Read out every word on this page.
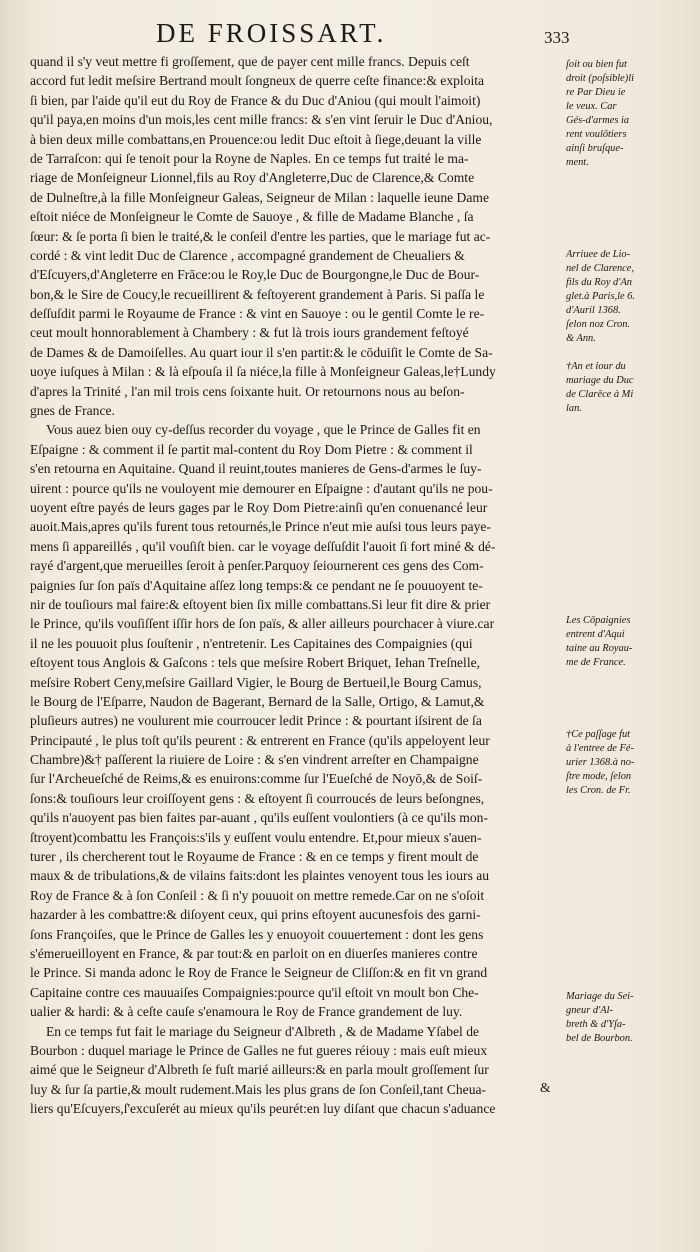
DE FROISSART.	333
quand il s'y veut mettre fi groſſement, que de payer cent mille francs. Depuis ceſt
accord fut ledit meſsire Bertrand moult ſongneux de querre ceſte finance:& exploita
ſi bien, par l'aide qu'il eut du Roy de France & du Duc d'Aniou (qui moult l'aimoit)
qu'il paya,en moins d'un mois,les cent mille francs: & s'en vint ſeruir le Duc d'Aniou,
à bien deux mille combattans,en Prouence:ou ledit Duc eſtoit à ſiege,deuant la ville
de Tarraſcon: qui ſe tenoit pour la Royne de Naples. En ce temps fut traité le ma-
riage de Monſeigneur Lionnel,fils au Roy d'Angleterre,Duc de Clarence,& Comte
de Dulneſtre,à la fille Monſeigneur Galeas, Seigneur de Milan : laquelle ieune Dame
eſtoit niéce de Monſeigneur le Comte de Sauoye , & fille de Madame Blanche , ſa
ſœur: & ſe porta ſi bien le traité,& le conſeil d'entre les parties, que le mariage fut ac-
cordé : & vint ledit Duc de Clarence , accompagné grandement de Cheualiers &
d'Eſcuyers,d'Angleterre en Frāce:ou le Roy,le Duc de Bourgongne,le Duc de Bour-
bon,& le Sire de Coucy,le recueillirent & feſtoyerent grandement à Paris. Si paſſa le
deſſuſdit parmi le Royaume de France : & vint en Sauoye : ou le gentil Comte le re-
ceut moult honnorablement à Chambery : & fut là trois iours grandement feſtoyé
de Dames & de Damoiſelles. Au quart iour il s'en partit:& le cōduiſit le Comte de Sa-
uoye iuſques à Milan : & là eſpouſa il ſa niéce,la fille à Monſeigneur Galeas,le†Lundy
d'apres la Trinité , l'an mil trois cens ſoixante huit. Or retournons nous au beſon-
gnes de France.
Vous auez bien ouy cy-deſſus recorder du voyage , que le Prince de Galles fit en
Eſpaigne : & comment il ſe partit mal-content du Roy Dom Pietre : & comment il
s'en retourna en Aquitaine. Quand il reuint,toutes manieres de Gens-d'armes le ſuy-
uirent : pource qu'ils ne vouloyent mie demourer en Eſpaigne : d'autant qu'ils ne pou-
uoyent eſtre payés de leurs gages par le Roy Dom Pietre:ainſi qu'en conuenancé leur
auoit.Mais,apres qu'ils furent tous retournés,le Prince n'eut mie auſsi tous leurs paye-
mens ſi appareillés , qu'il vouſiſt bien. car le voyage deſſuſdit l'auoit ſi fort miné & dé-
rayé d'argent,que merueilles ſeroit à penſer.Parquoy ſeiournerent ces gens des Com-
paignies ſur ſon païs d'Aquitaine aſſez long temps:& ce pendant ne ſe pouuoyent te-
nir de touſiours mal faire:& eſtoyent bien ſix mille combattans.Si leur fit dire & prier
le Prince, qu'ils vouſiſſent iſſir hors de ſon païs, & aller ailleurs pourchacer à viure.car
il ne les pouuoit plus ſouſtenir , n'entretenir. Les Capitaines des Compaignies (qui
eſtoyent tous Anglois & Gaſcons : tels que meſsire Robert Briquet, Iehan Treſnelle,
meſsire Robert Ceny,meſsire Gaillard Vigier, le Bourg de Bertueil,le Bourg Camus,
le Bourg de l'Eſparre, Naudon de Bagerant, Bernard de la Salle, Ortigo, & Lamut,&
pluſieurs autres) ne voulurent mie courroucer ledit Prince : & pourtant iſsirent de ſa
Principauté , le plus toſt qu'ils peurent : & entrerent en France (qu'ils appeloyent leur
Chambre)&† paſſerent la riuiere de Loire : & s'en vindrent arreſter en Champaigne
ſur l'Archeueſché de Reims,& es enuirons:comme ſur l'Eueſché de Noyō,& de Soiſ-
ſons:& touſiours leur croiſſoyent gens : & eſtoyent ſi courroucés de leurs beſongnes,
qu'ils n'auoyent pas bien faites par-auant , qu'ils euſſent voulontiers (à ce qu'ils mon-
ſtroyent)combattu les François:s'ils y euſſent voulu entendre. Et,pour mieux s'auen-
turer , ils chercherent tout le Royaume de France : & en ce temps y firent moult de
maux & de tribulations,& de vilains faits:dont les plaintes venoyent tous les iours au
Roy de France & à ſon Conſeil : & ſi n'y pouuoit on mettre remede.Car on ne s'oſoit
hazarder à les combattre:& diſoyent ceux, qui prins eſtoyent aucunesfois des garni-
ſons Françoiſes, que le Prince de Galles les y enuoyoit couuertement : dont les gens
s'émerueilloyent en France, & par tout:& en parloit on en diuerſes manieres contre
le Prince. Si manda adonc le Roy de France le Seigneur de Cliſſon:& en fit vn grand
Capitaine contre ces mauuaiſes Compaignies:pource qu'il eſtoit vn moult bon Che-
ualier & hardi: & à ceſte cauſe s'enamoura le Roy de France grandement de luy.
En ce temps fut fait le mariage du Seigneur d'Albreth , & de Madame Yſabel de
Bourbon : duquel mariage le Prince de Galles ne fut gueres réiouy : mais euſt mieux
aimé que le Seigneur d'Albreth ſe fuſt marié ailleurs:& en parla moult groſſement ſur
luy & ſur ſa partie,& moult rudement.Mais les plus grans de ſon Conſeil,tant Cheua-
liers qu'Eſcuyers,ſ'excuſerét au mieux qu'ils peurét:en luy diſant que chacun s'aduance
ſoit ou bien fut
droit (poſsible)li
re Par Dieu ie
le veux. Car
Gés-d'armes ia
rent voulōtiers
ainſi bruſque-
ment.
Arriuee de Lio-
nel de Clarence,
fils du Roy d'An
glet.à Paris,le 6.
d'Auril 1368.
ſelon noz Cron.
& Ann.
†An et iour du
mariage du Duc
de Clarēce à Mi
lan.
Les Cōpaignies
entrent d'Aqui
taine au Royau-
me de France.
†Ce paſſage fut
à l'entree de Fé-
urier 1368.à no-
ſtre mode, ſelon
les Cron. de Fr.
Mariage du Sei-
gneur d'Al-
breth & d'Yſa-
bel de Bourbon.
&
